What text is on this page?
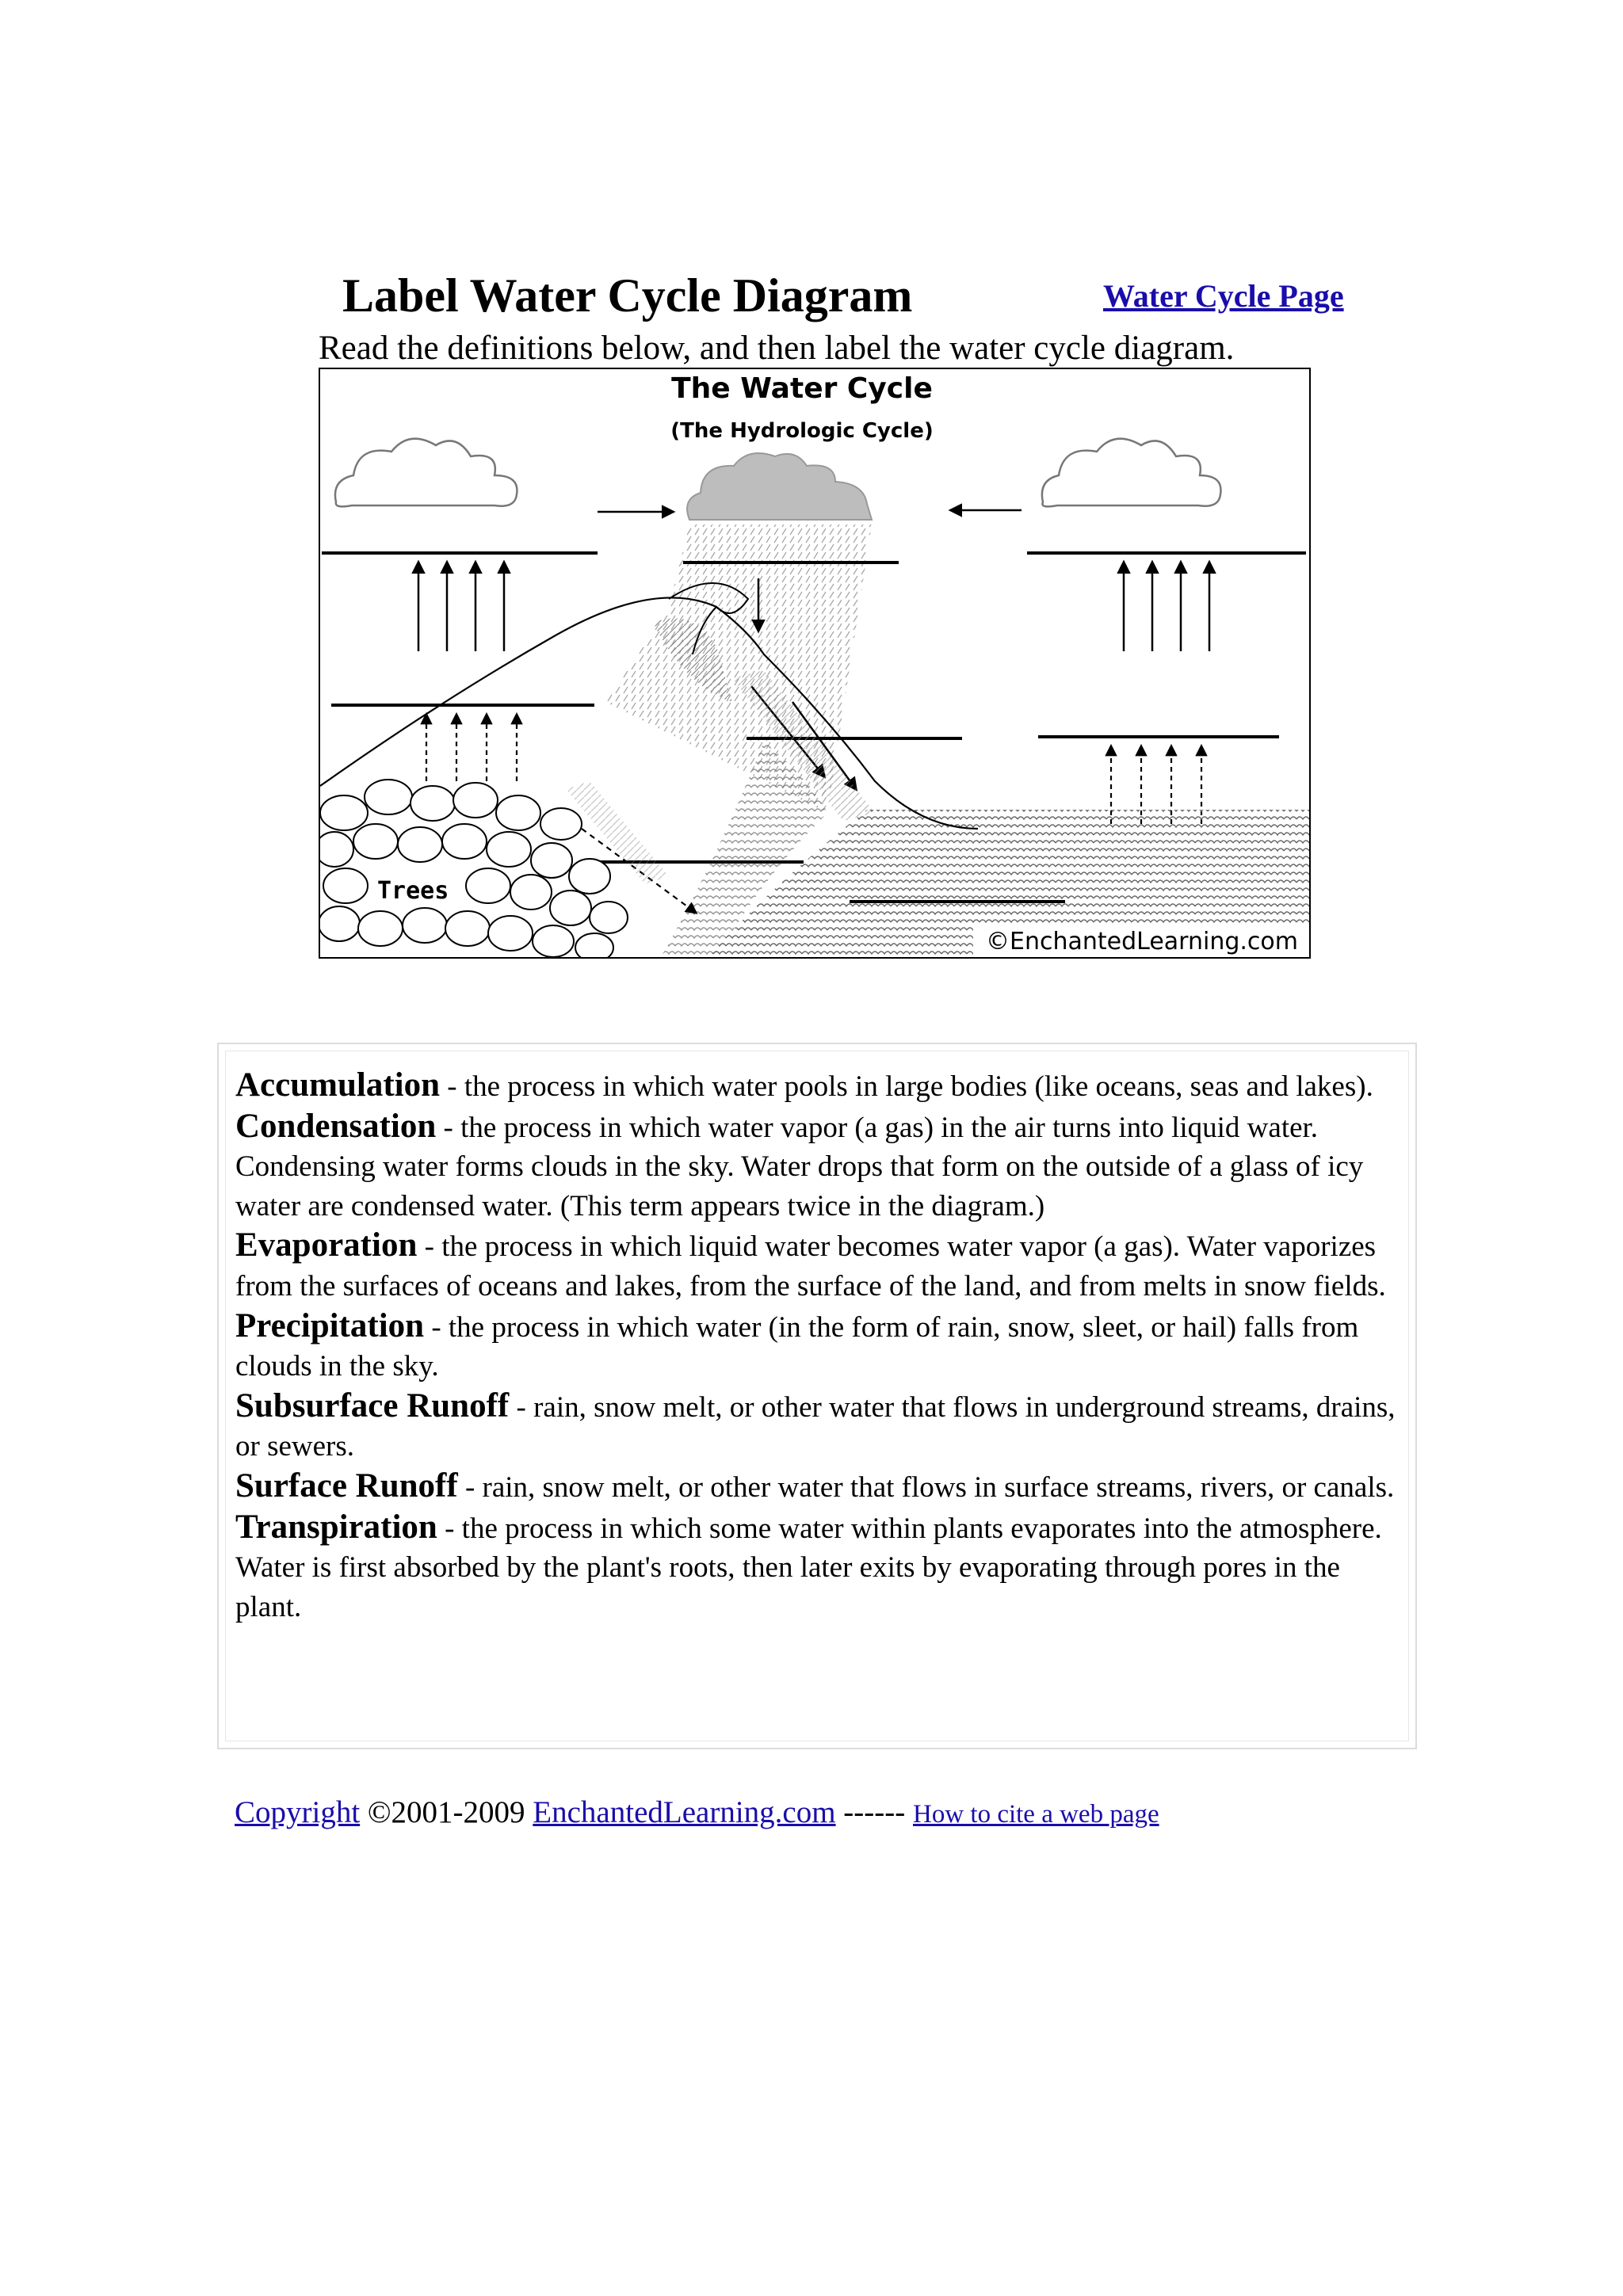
Label Water Cycle Diagram	Water Cycle Page
Read the definitions below, and then label the water cycle diagram.
The Water Cycle
(The Hydrologic Cycle)
Trees
©EnchantedLearning.com

Accumulation - the process in which water pools in large bodies (like oceans, seas and lakes).

Condensation - the process in which water vapor (a gas) in the air turns into liquid water. Condensing water forms clouds in the sky. Water drops that form on the outside of a glass of icy water are condensed water. (This term appears twice in the diagram.)

Evaporation - the process in which liquid water becomes water vapor (a gas). Water vaporizes from the surfaces of oceans and lakes, from the surface of the land, and from melts in snow fields.

Precipitation - the process in which water (in the form of rain, snow, sleet, or hail) falls from clouds in the sky.

Subsurface Runoff - rain, snow melt, or other water that flows in underground streams, drains, or sewers.

Surface Runoff - rain, snow melt, or other water that flows in surface streams, rivers, or canals.

Transpiration - the process in which some water within plants evaporates into the atmosphere. Water is first absorbed by the plant's roots, then later exits by evaporating through pores in the plant.

Copyright ©2001-2009 EnchantedLearning.com ------ How to cite a web page
